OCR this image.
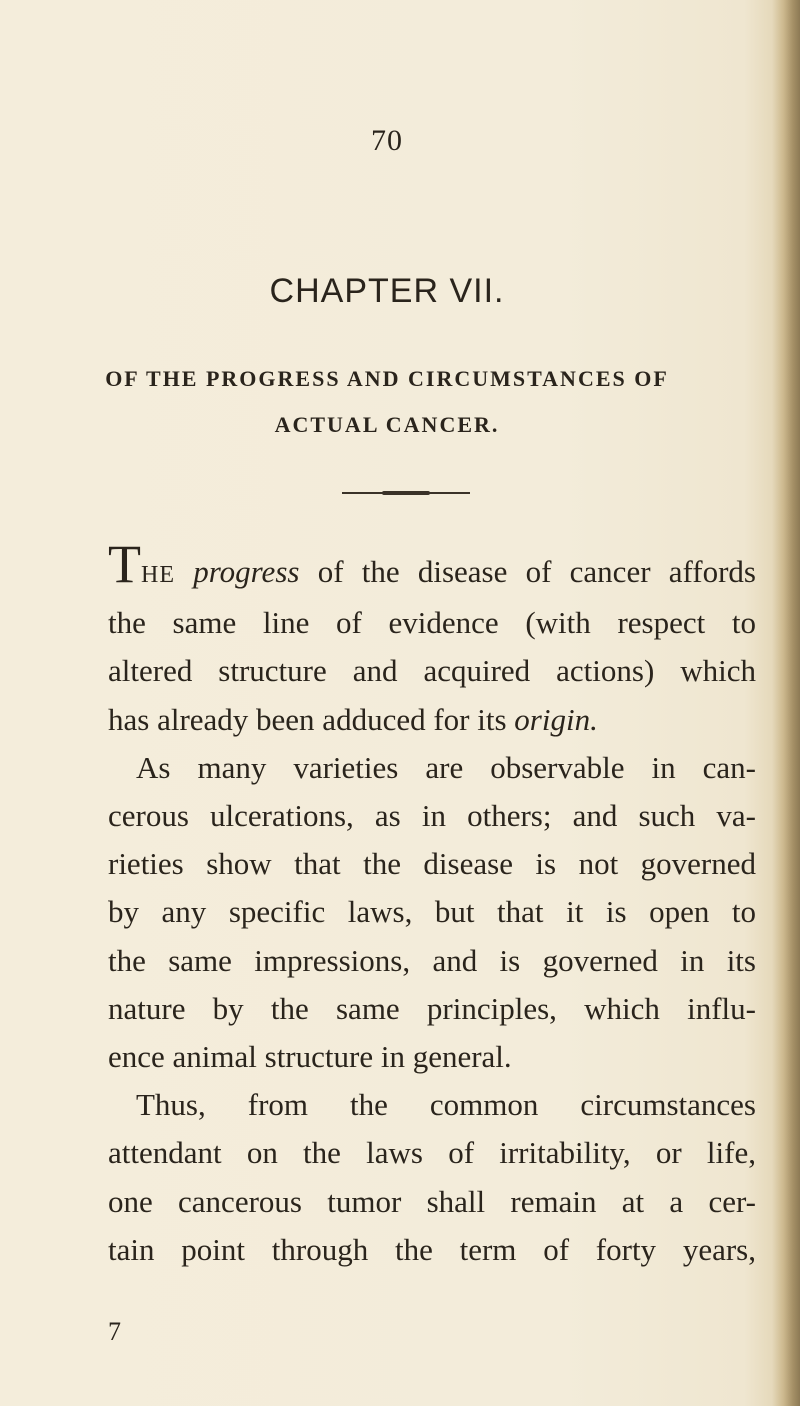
70
CHAPTER VII.
OF THE PROGRESS AND CIRCUMSTANCES OF
ACTUAL CANCER.
THE progress of the disease of cancer affords
the same line of evidence (with respect to
altered structure and acquired actions) which
has already been adduced for its origin.
As many varieties are observable in can-
cerous ulcerations, as in others; and such va-
rieties show that the disease is not governed
by any specific laws, but that it is open to
the same impressions, and is governed in its
nature by the same principles, which influ-
ence animal structure in general.
Thus, from the common circumstances
attendant on the laws of irritability, or life,
one cancerous tumor shall remain at a cer-
tain point through the term of forty years,
7
